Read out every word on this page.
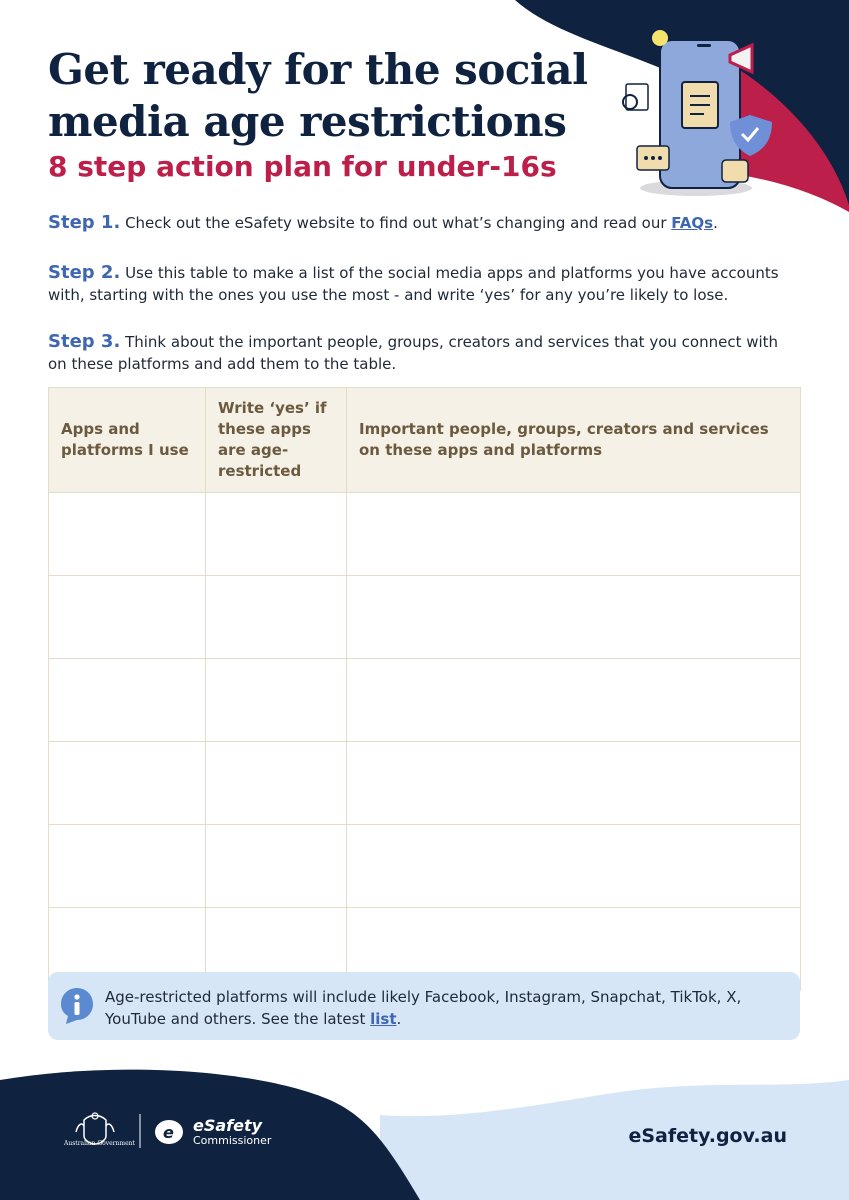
Get ready for the social media age restrictions

8 step action plan for under-16s

Step 1. Check out the eSafety website to find out what’s changing and read our FAQs.

Step 2. Use this table to make a list of the social media apps and platforms you have accounts with, starting with the ones you use the most - and write ‘yes’ for any you’re likely to lose.

Step 3. Think about the important people, groups, creators and services that you connect with on these platforms and add them to the table.

Apps and platforms I use	Write ‘yes’ if these apps are age-restricted	Important people, groups, creators and services on these apps and platforms

Age-restricted platforms will include likely Facebook, Instagram, Snapchat, TikTok, X, YouTube and others. See the latest list.

e
Australian Government
eSafety
Commissioner	eSafety.gov.au
